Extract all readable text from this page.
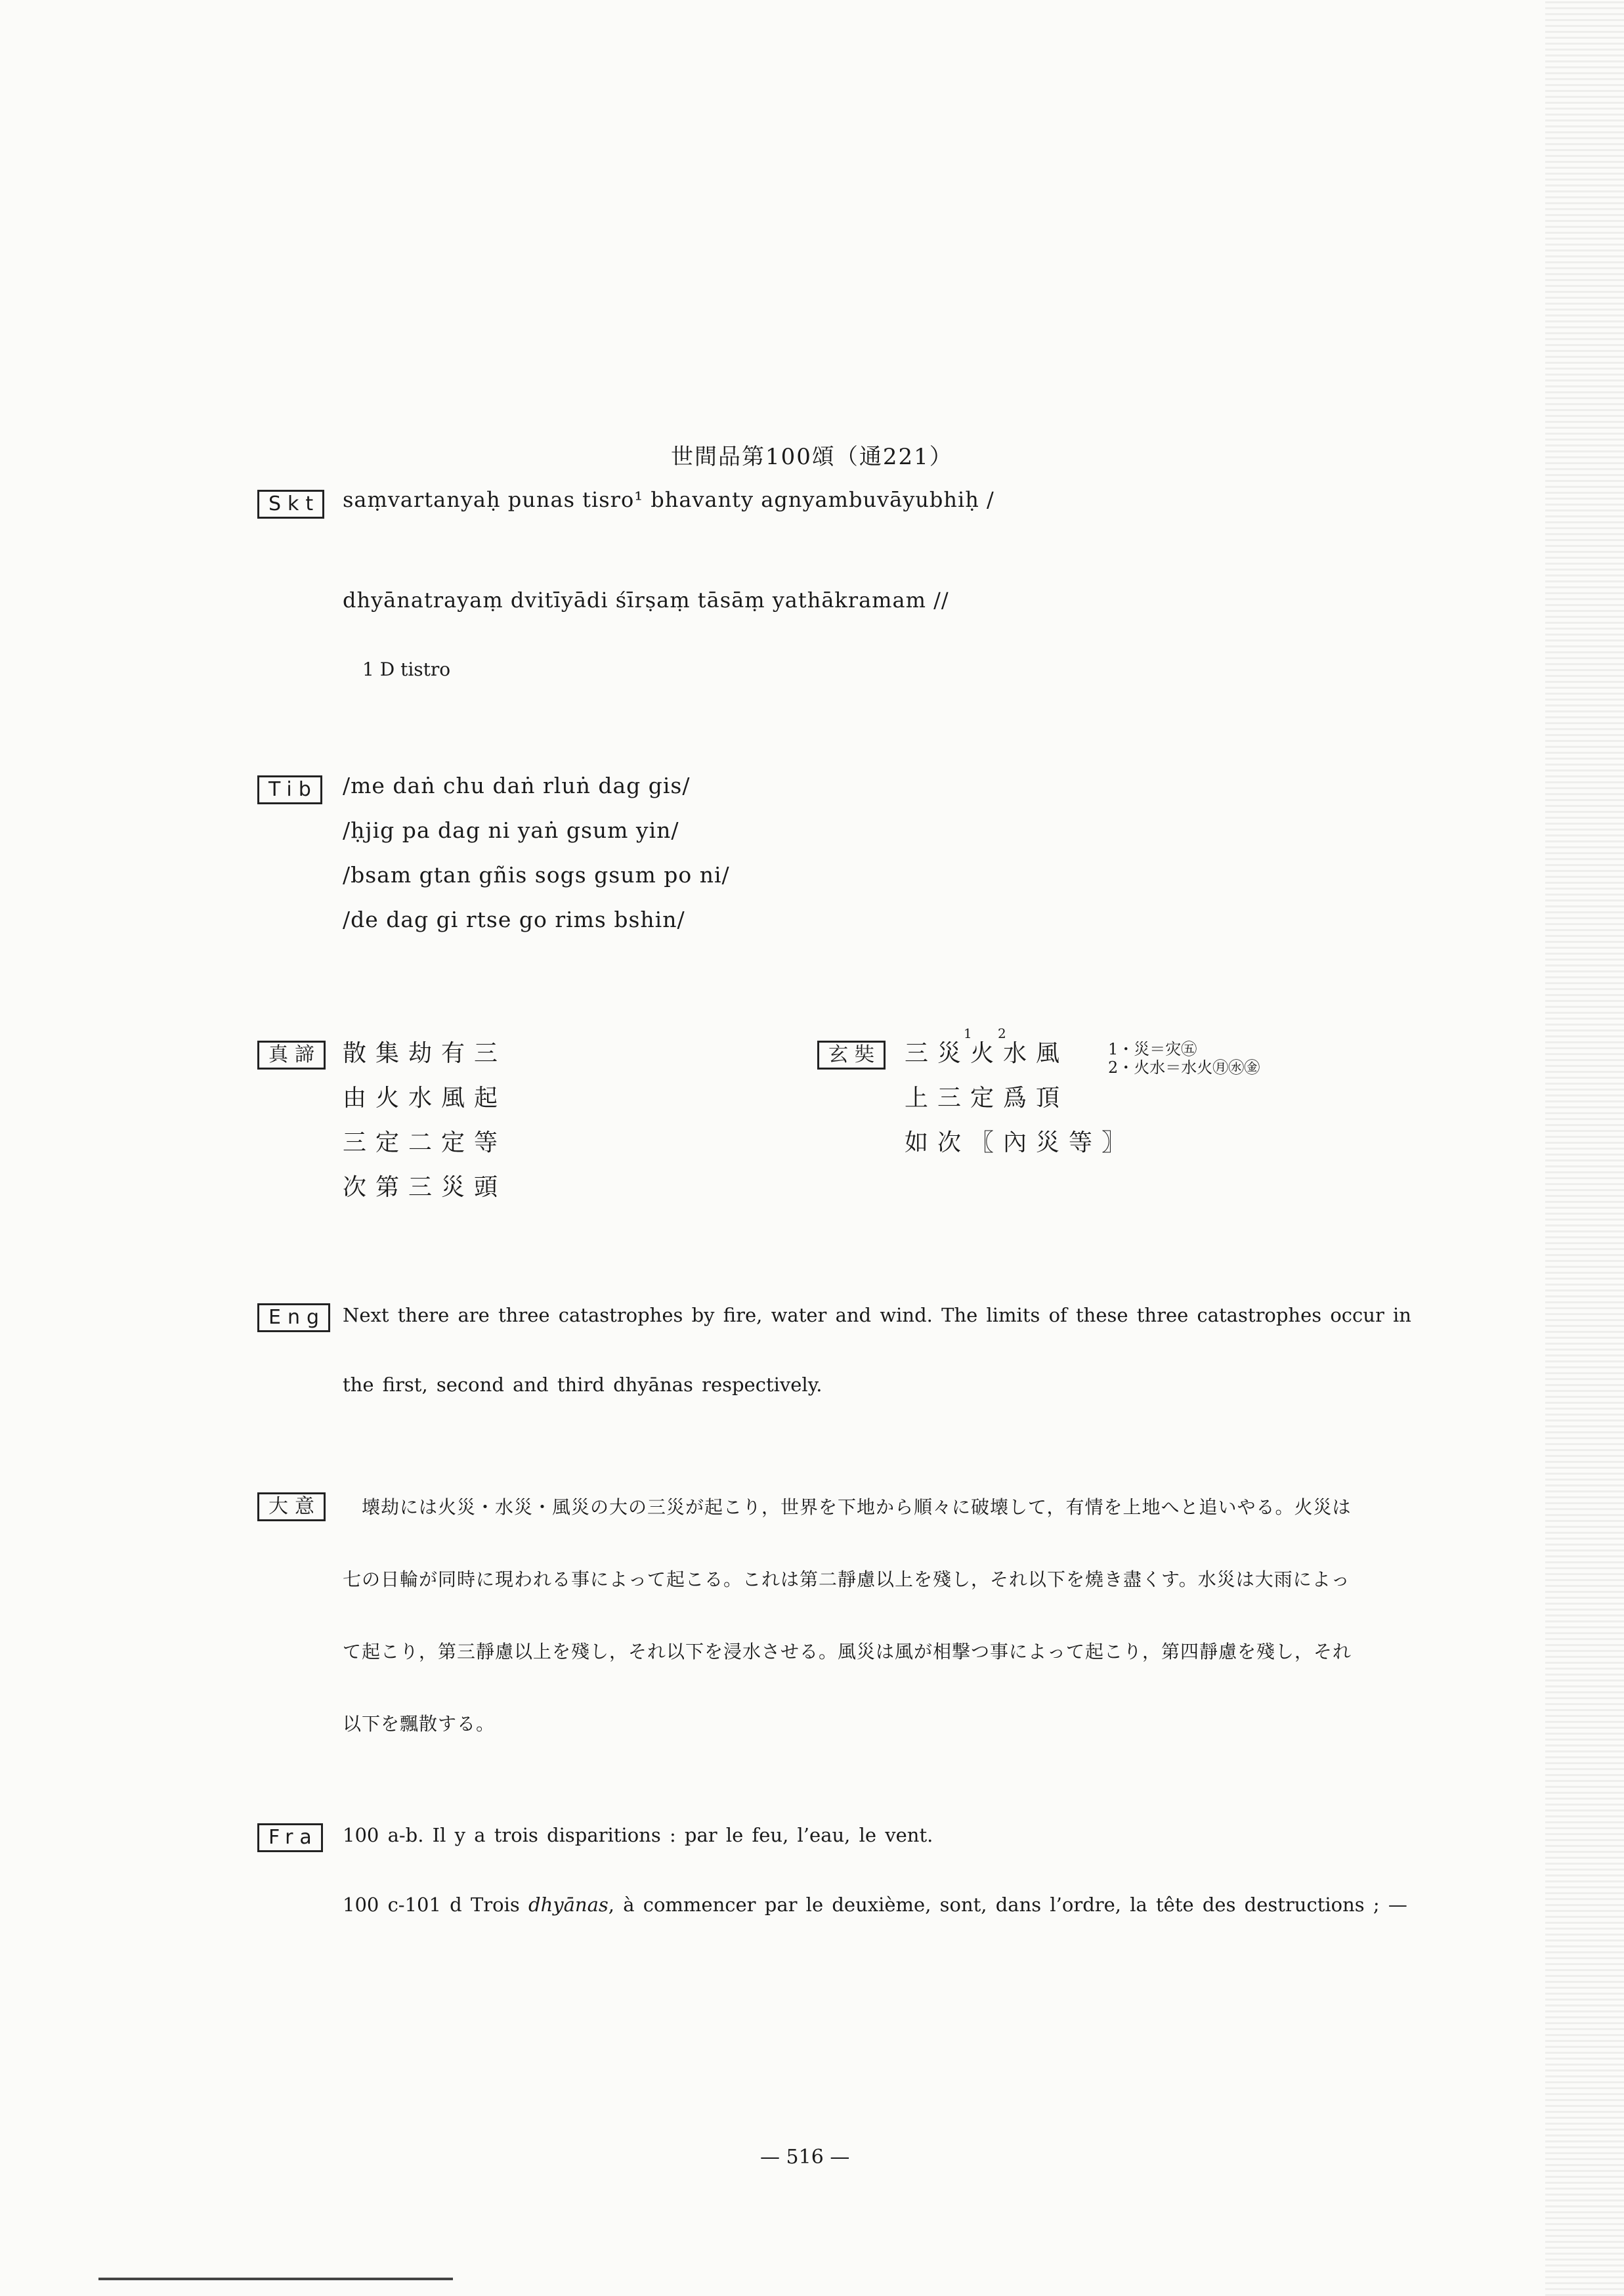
世間品第100頌（通221）
Skt saṃvartanyaḥ punas tisro¹ bhavanty agnyambuvāyubhiḥ /
dhyānatrayaṃ dvitīyādi śīrṣaṃ tāsāṃ yathākramam //
1 D tistro
Tib /me daṅ chu daṅ rluṅ dag gis/
/ḥjig pa dag ni yaṅ gsum yin/
/bsam gtan gñis sogs gsum po ni/
/de dag gi rtse go rims bshin/
真諦 散集劫有三
由火水風起
三定二定等
次第三災頭
玄奘 三災火水風
1 2
上三定爲頂
如次〖內災等〗
1・災＝灾㊄
2・火水＝水火㊊㊌㊎
Eng Next there are three catastrophes by fire, water and wind. The limits of these three catastrophes occur in
the first, second and third dhyānas respectively.
大意 　壊劫には火災・水災・風災の大の三災が起こり，世界を下地から順々に破壊して，有情を上地へと追いやる。火災は
七の日輪が同時に現われる事によって起こる。これは第二靜慮以上を殘し，それ以下を燒き盡くす。水災は大雨によっ
て起こり，第三靜慮以上を殘し，それ以下を浸水させる。風災は風が相撃つ事によって起こり，第四靜慮を殘し，それ
以下を飄散する。
Fra 100 a-b. Il y a trois disparitions : par le feu, l’eau, le vent.
100 c-101 d Trois dhyānas, à commencer par le deuxième, sont, dans l’ordre, la tête des destructions ; —
— 516 —
